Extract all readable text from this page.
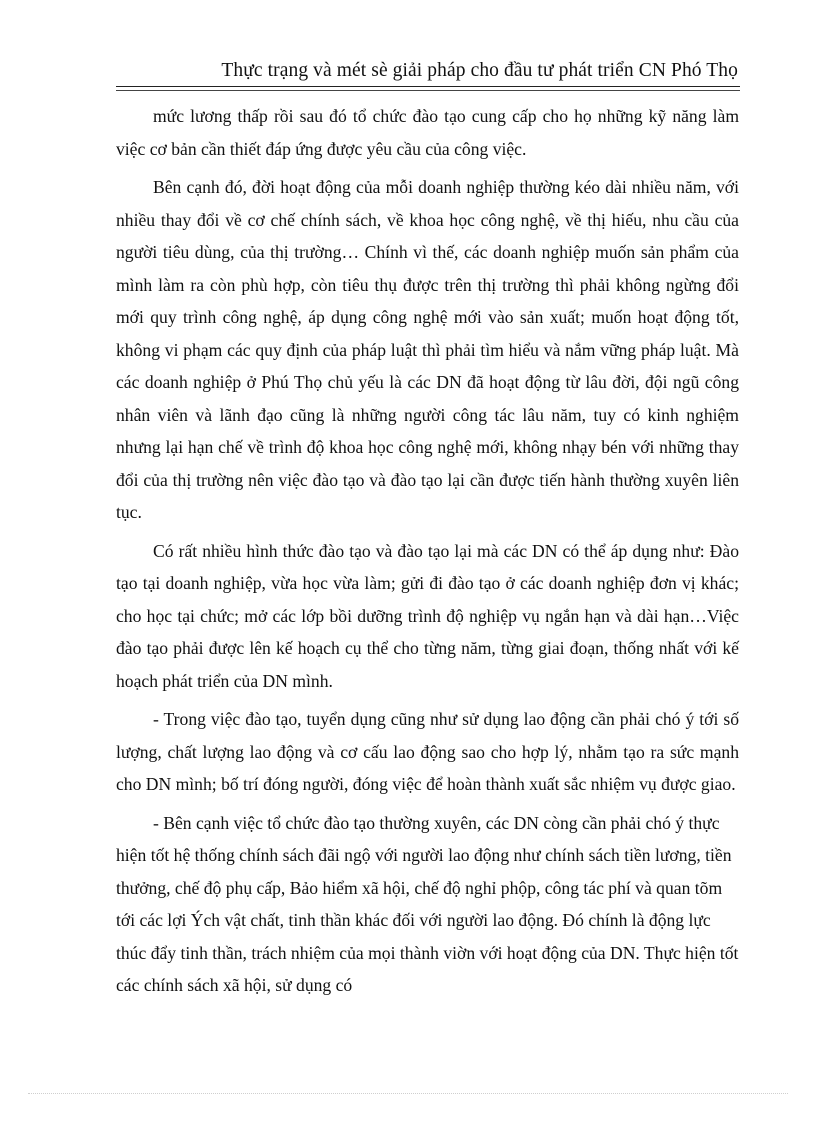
Thực trạng và mét sè giải pháp cho đầu tư phát triển CN Phó Thọ

mức lương thấp rồi sau đó tổ chức đào tạo cung cấp cho họ những kỹ năng làm việc cơ bản cần thiết đáp ứng được yêu cầu của công việc.

Bên cạnh đó, đời hoạt động của mỗi doanh nghiệp thường kéo dài nhiều năm, với nhiều thay đổi về cơ chế chính sách, về khoa học công nghệ, về thị hiếu, nhu cầu của người tiêu dùng, của thị trường… Chính vì thế, các doanh nghiệp muốn sản phẩm của mình làm ra còn phù hợp, còn tiêu thụ được trên thị trường thì phải không ngừng đổi mới quy trình công nghệ, áp dụng công nghệ mới vào sản xuất; muốn hoạt động tốt, không vi phạm các quy định của pháp luật thì phải tìm hiểu và nắm vững pháp luật. Mà các doanh nghiệp ở Phú Thọ chủ yếu là các DN đã hoạt động từ lâu đời, đội ngũ công nhân viên và lãnh đạo cũng là những người công tác lâu năm, tuy có kinh nghiệm nhưng lại hạn chế về trình độ khoa học công nghệ mới, không nhạy bén với những thay đổi của thị trường nên việc đào tạo và đào tạo lại cần được tiến hành thường xuyên liên tục.

Có rất nhiều hình thức đào tạo và đào tạo lại mà các DN có thể áp dụng như: Đào tạo tại doanh nghiệp, vừa học vừa làm; gửi đi đào tạo ở các doanh nghiệp đơn vị khác; cho học tại chức; mở các lớp bồi dưỡng trình độ nghiệp vụ ngắn hạn và dài hạn…Việc đào tạo phải được lên kế hoạch cụ thể cho từng năm, từng giai đoạn, thống nhất với kế hoạch phát triển của DN mình.

- Trong việc đào tạo, tuyển dụng cũng như sử dụng lao động cần phải chó ý tới số lượng, chất lượng lao động và cơ cấu lao động sao cho hợp lý, nhằm tạo ra sức mạnh cho DN mình; bố trí đóng người, đóng việc để hoàn thành xuất sắc nhiệm vụ được giao.

- Bên cạnh việc tổ chức đào tạo thường xuyên, các DN còng cần phải chó ý thực hiện tốt hệ thống chính sách đãi ngộ với người lao động như chính sách tiền lương, tiền thưởng, chế độ phụ cấp, Bảo hiểm xã hội, chế độ nghỉ phộp, công tác phí và quan tõm tới các lợi Ých vật chất, tinh thần khác đối với người lao động. Đó chính là động lực thúc đẩy tinh thần, trách nhiệm của mọi thành viờn với hoạt động của DN. Thực hiện tốt các chính sách xã hội, sử dụng có
